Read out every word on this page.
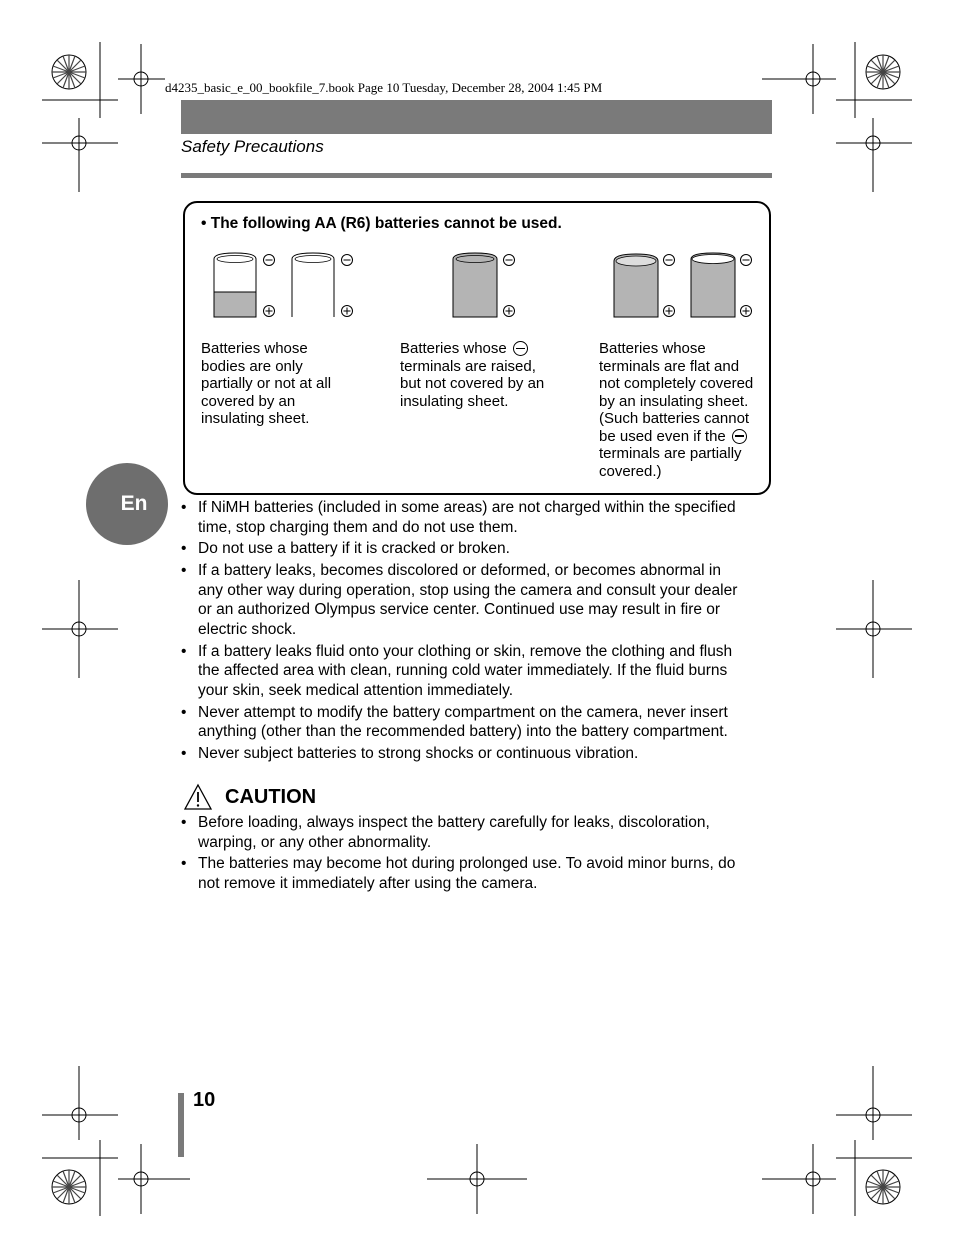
d4235_basic_e_00_bookfile_7.book Page 10 Tuesday, December 28, 2004 1:45 PM
Safety Precautions
• The following AA (R6) batteries cannot be used.
Batteries whose
bodies are only
partially or not at all
covered by an
insulating sheet.
Batteries whose
terminals are raised,
but not covered by an
insulating sheet.
Batteries whose
terminals are flat and
not completely covered
by an insulating sheet.
(Such batteries cannot
be used even if the
terminals are partially
covered.)
En
•	If NiMH batteries (included in some areas) are not charged within the specified
time, stop charging them and do not use them.
• Do not use a battery if it is cracked or broken.
• If a battery leaks, becomes discolored or deformed, or becomes abnormal in
any other way during operation, stop using the camera and consult your dealer
or an authorized Olympus service center. Continued use may result in fire or
electric shock.
• If a battery leaks fluid onto your clothing or skin, remove the clothing and flush
the affected area with clean, running cold water immediately. If the fluid burns
your skin, seek medical attention immediately.
• Never attempt to modify the battery compartment on the camera, never insert
anything (other than the recommended battery) into the battery compartment.
• Never subject batteries to strong shocks or continuous vibration.
CAUTION
• Before loading, always inspect the battery carefully for leaks, discoloration,
warping, or any other abnormality.
• The batteries may become hot during prolonged use. To avoid minor burns, do
not remove it immediately after using the camera.
10
